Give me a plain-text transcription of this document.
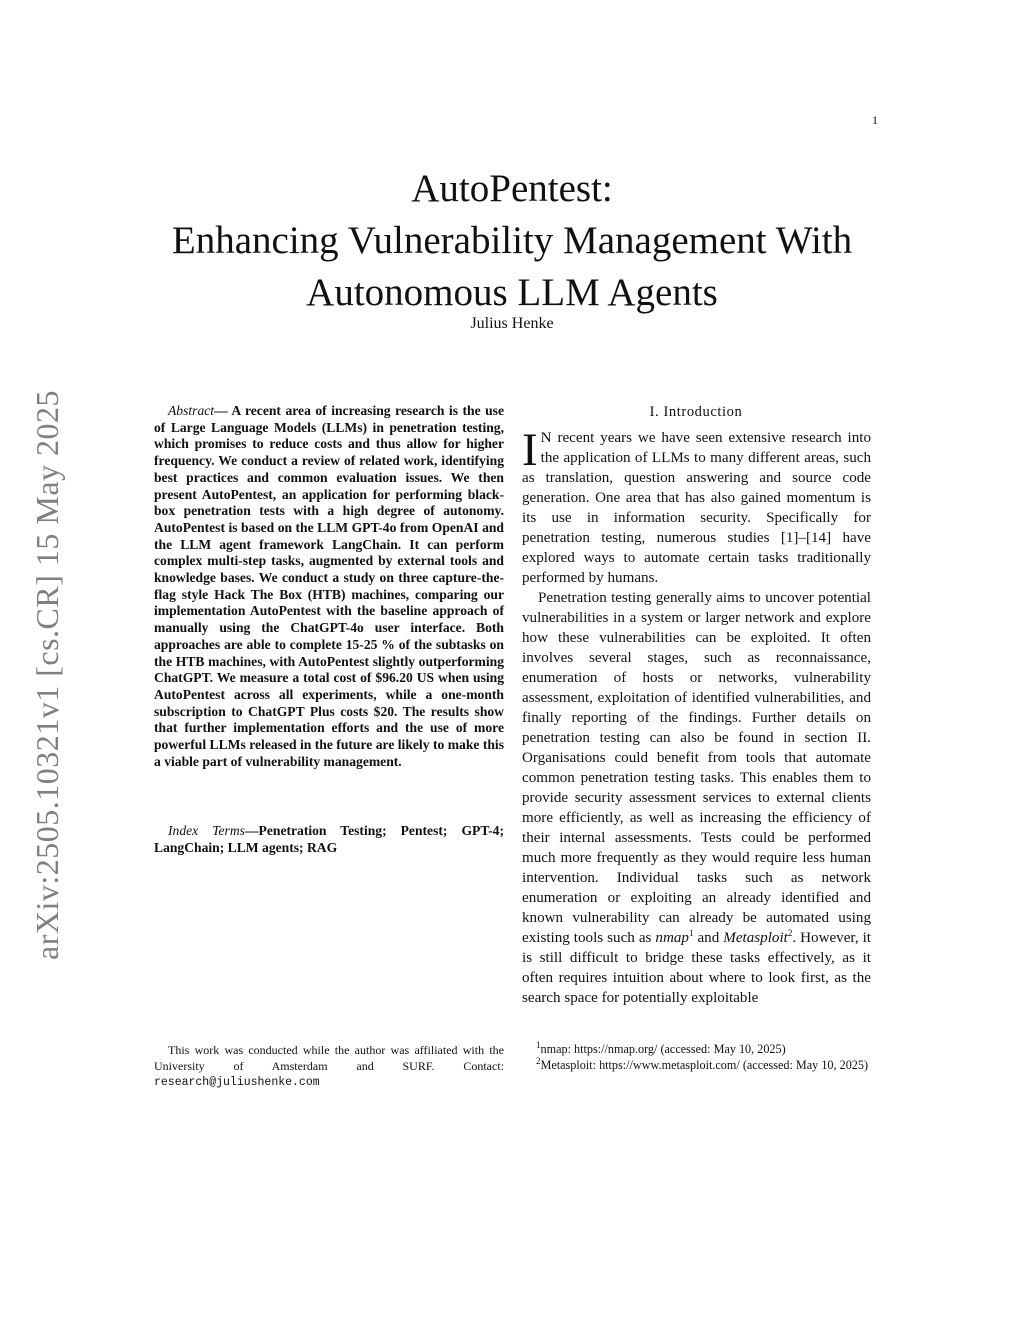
1
arXiv:2505.10321v1 [cs.CR] 15 May 2025
AutoPentest:
Enhancing Vulnerability Management With
Autonomous LLM Agents
Julius Henke

Abstract— A recent area of increasing research is the use of Large Language Models (LLMs) in penetration testing, which promises to reduce costs and thus allow for higher frequency. We conduct a review of related work, identifying best practices and common evaluation issues. We then present AutoPentest, an application for performing black-box penetration tests with a high degree of autonomy. AutoPentest is based on the LLM GPT-4o from OpenAI and the LLM agent framework LangChain. It can perform complex multi-step tasks, augmented by external tools and knowledge bases. We conduct a study on three capture-the-flag style Hack The Box (HTB) machines, comparing our implementation AutoPentest with the baseline approach of manually using the ChatGPT-4o user interface. Both approaches are able to complete 15-25 % of the subtasks on the HTB machines, with AutoPentest slightly outperforming ChatGPT. We measure a total cost of $96.20 US when using AutoPentest across all experiments, while a one-month subscription to ChatGPT Plus costs $20. The results show that further implementation efforts and the use of more powerful LLMs released in the future are likely to make this a viable part of vulnerability management.

Index Terms—Penetration Testing; Pentest; GPT-4; LangChain; LLM agents; RAG

This work was conducted while the author was affiliated with the University of Amsterdam and SURF. Contact: research@juliushenke.com

I. Introduction

I N recent years we have seen extensive research into the application of LLMs to many different areas, such as translation, question answering and source code generation. One area that has also gained momentum is its use in information security. Specifically for penetration testing, numerous studies [1]–[14] have explored ways to automate certain tasks traditionally performed by humans.

Penetration testing generally aims to uncover potential vulnerabilities in a system or larger network and explore how these vulnerabilities can be exploited. It often involves several stages, such as reconnaissance, enumeration of hosts or networks, vulnerability assessment, exploitation of identified vulnerabilities, and finally reporting of the findings. Further details on penetration testing can also be found in section II. Organisations could benefit from tools that automate common penetration testing tasks. This enables them to provide security assessment services to external clients more efficiently, as well as increasing the efficiency of their internal assessments. Tests could be performed much more frequently as they would require less human intervention. Individual tasks such as network enumeration or exploiting an already identified and known vulnerability can already be automated using existing tools such as nmap$^1$ and Metasploit$^2$. However, it is still difficult to bridge these tasks effectively, as it often requires intuition about where to look first, as the search space for potentially exploitable

$^1$nmap: https://nmap.org/ (accessed: May 10, 2025)

$^2$Metasploit: https://www.metasploit.com/ (accessed: May 10, 2025)
